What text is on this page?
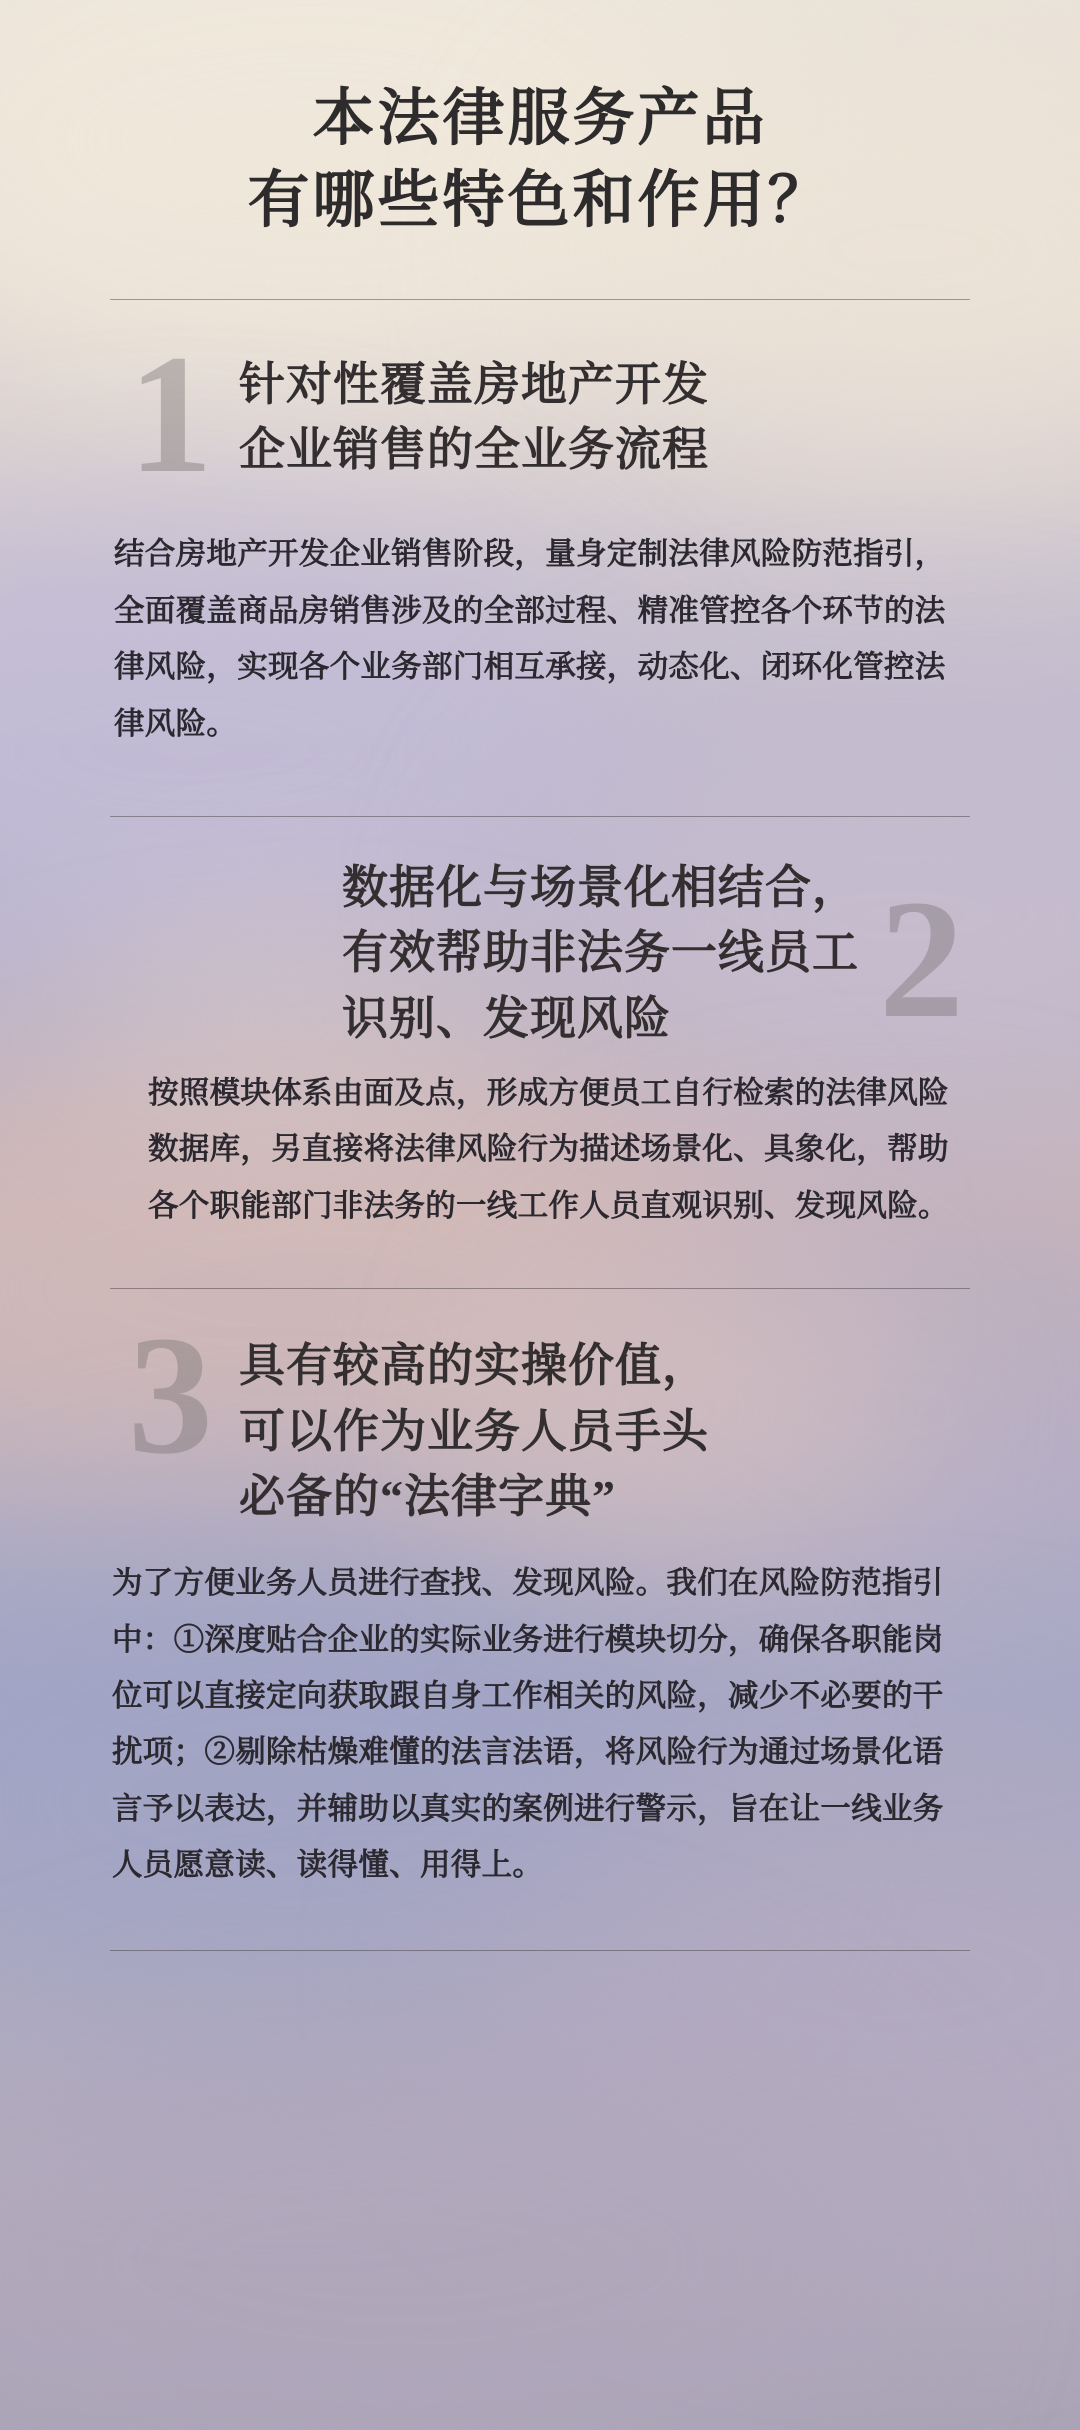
本法律服务产品
有哪些特色和作用？
1 针对性覆盖房地产开发
企业销售的全业务流程
结合房地产开发企业销售阶段，量身定制法律风险防范指引，全面覆盖商品房销售涉及的全部过程、精准管控各个环节的法律风险，实现各个业务部门相互承接，动态化、闭环化管控法律风险。
数据化与场景化相结合，
有效帮助非法务一线员工
识别、发现风险	2
按照模块体系由面及点，形成方便员工自行检索的法律风险数据库，另直接将法律风险行为描述场景化、具象化，帮助各个职能部门非法务的一线工作人员直观识别、发现风险。
3 具有较高的实操价值，
可以作为业务人员手头
必备的“法律字典”
为了方便业务人员进行查找、发现风险。我们在风险防范指引中：①深度贴合企业的实际业务进行模块切分，确保各职能岗位可以直接定向获取跟自身工作相关的风险，减少不必要的干扰项；②剔除枯燥难懂的法言法语，将风险行为通过场景化语言予以表达，并辅助以真实的案例进行警示，旨在让一线业务人员愿意读、读得懂、用得上。
